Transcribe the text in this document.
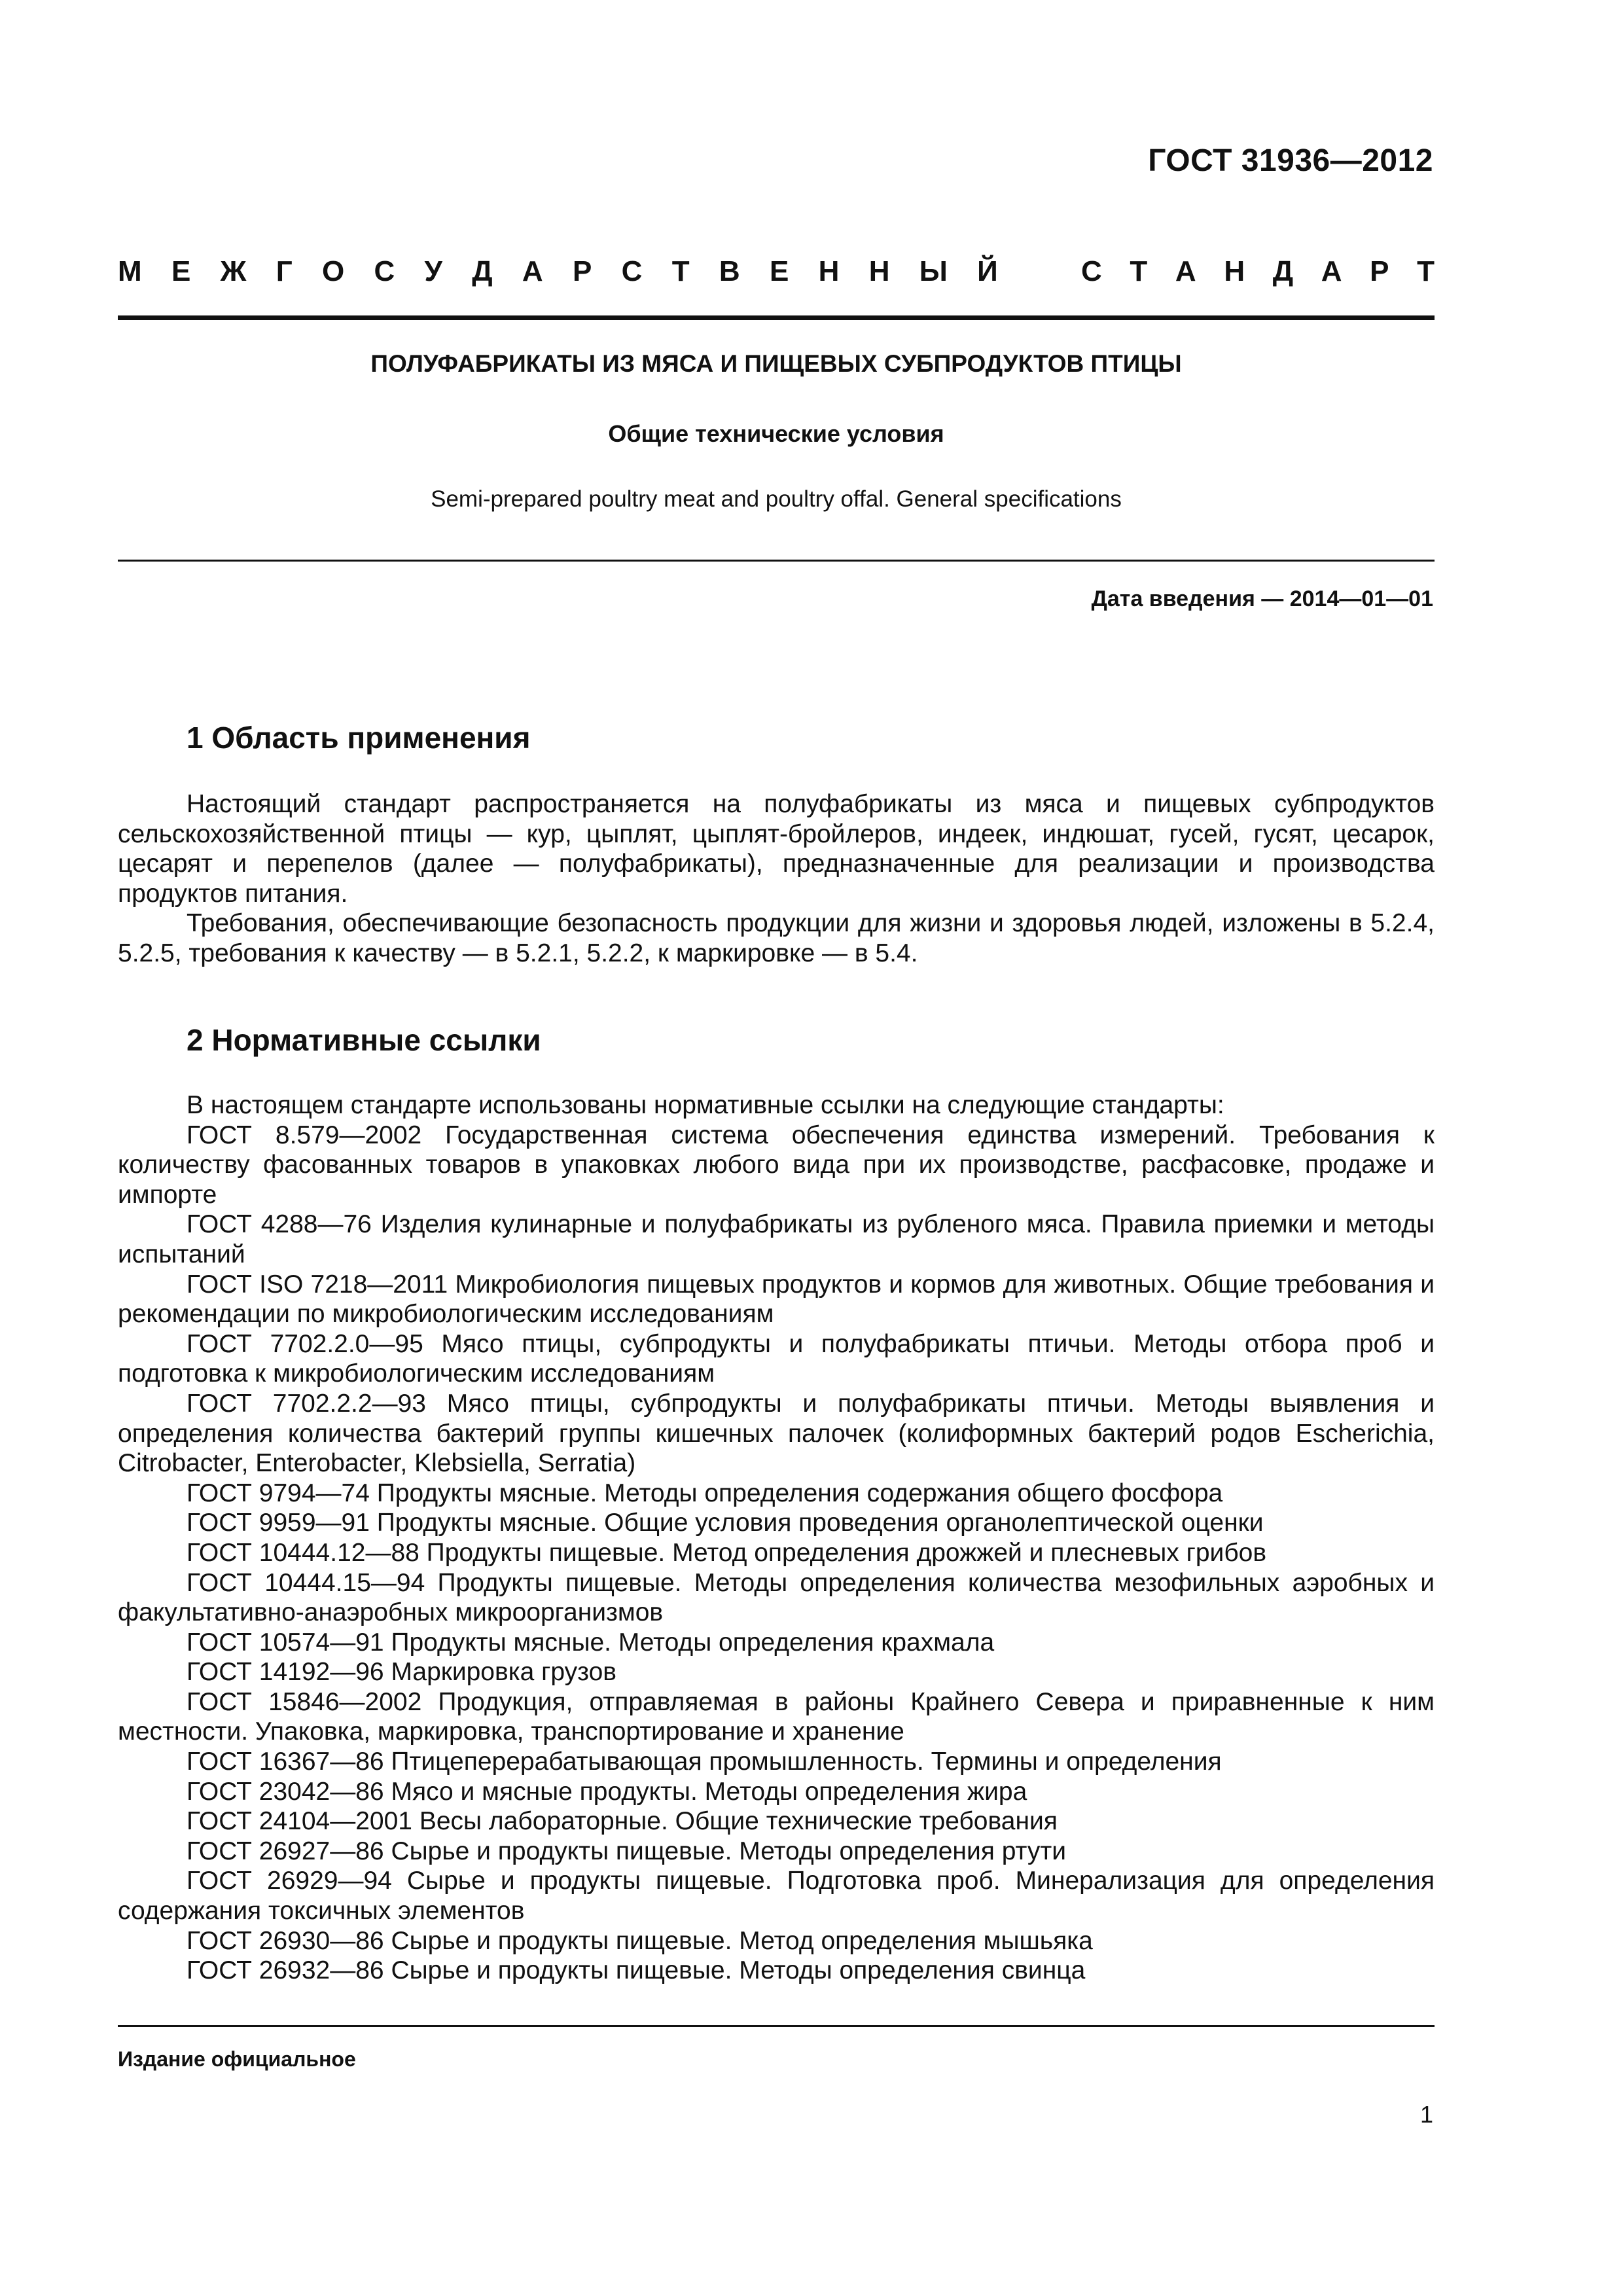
ГОСТ 31936—2012
М Е Ж Г О С У Д А Р С Т В Е Н Н Ы Й	С Т А Н Д А Р Т
ПОЛУФАБРИКАТЫ ИЗ МЯСА И ПИЩЕВЫХ СУБПРОДУКТОВ ПТИЦЫ
Общие технические условия
Semi-prepared poultry meat and poultry offal. General specifications
Дата введения — 2014—01—01
1 Область применения

Настоящий стандарт распространяется на полуфабрикаты из мяса и пищевых субпродуктов сельскохозяйственной птицы — кур, цыплят, цыплят-бройлеров, индеек, индюшат, гусей, гусят, цесарок, цесарят и перепелов (далее — полуфабрикаты), предназначенные для реализации и производства продуктов питания.

Требования, обеспечивающие безопасность продукции для жизни и здоровья людей, изложены в 5.2.4, 5.2.5, требования к качеству — в 5.2.1, 5.2.2, к маркировке — в 5.4.

2 Нормативные ссылки

В настоящем стандарте использованы нормативные ссылки на следующие стандарты:

ГОСТ 8.579—2002 Государственная система обеспечения единства измерений. Требования к количеству фасованных товаров в упаковках любого вида при их производстве, расфасовке, продаже и импорте

ГОСТ 4288—76 Изделия кулинарные и полуфабрикаты из рубленого мяса. Правила приемки и методы испытаний

ГОСТ ISO 7218—2011 Микробиология пищевых продуктов и кормов для животных. Общие требования и рекомендации по микробиологическим исследованиям

ГОСТ 7702.2.0—95 Мясо птицы, субпродукты и полуфабрикаты птичьи. Методы отбора проб и подготовка к микробиологическим исследованиям

ГОСТ 7702.2.2—93 Мясо птицы, субпродукты и полуфабрикаты птичьи. Методы выявления и определения количества бактерий группы кишечных палочек (колиформных бактерий родов Escherichia, Citrobacter, Enterobacter, Klebsiella, Serratia)

ГОСТ 9794—74 Продукты мясные. Методы определения содержания общего фосфора

ГОСТ 9959—91 Продукты мясные. Общие условия проведения органолептической оценки

ГОСТ 10444.12—88 Продукты пищевые. Метод определения дрожжей и плесневых грибов

ГОСТ 10444.15—94 Продукты пищевые. Методы определения количества мезофильных аэробных и факультативно-анаэробных микроорганизмов

ГОСТ 10574—91 Продукты мясные. Методы определения крахмала

ГОСТ 14192—96 Маркировка грузов

ГОСТ 15846—2002 Продукция, отправляемая в районы Крайнего Севера и приравненные к ним местности. Упаковка, маркировка, транспортирование и хранение

ГОСТ 16367—86 Птицеперерабатывающая промышленность. Термины и определения

ГОСТ 23042—86 Мясо и мясные продукты. Методы определения жира

ГОСТ 24104—2001 Весы лабораторные. Общие технические требования

ГОСТ 26927—86 Сырье и продукты пищевые. Методы определения ртути

ГОСТ 26929—94 Сырье и продукты пищевые. Подготовка проб. Минерализация для определения содержания токсичных элементов

ГОСТ 26930—86 Сырье и продукты пищевые. Метод определения мышьяка

ГОСТ 26932—86 Сырье и продукты пищевые. Методы определения свинца

Издание официальное
1
